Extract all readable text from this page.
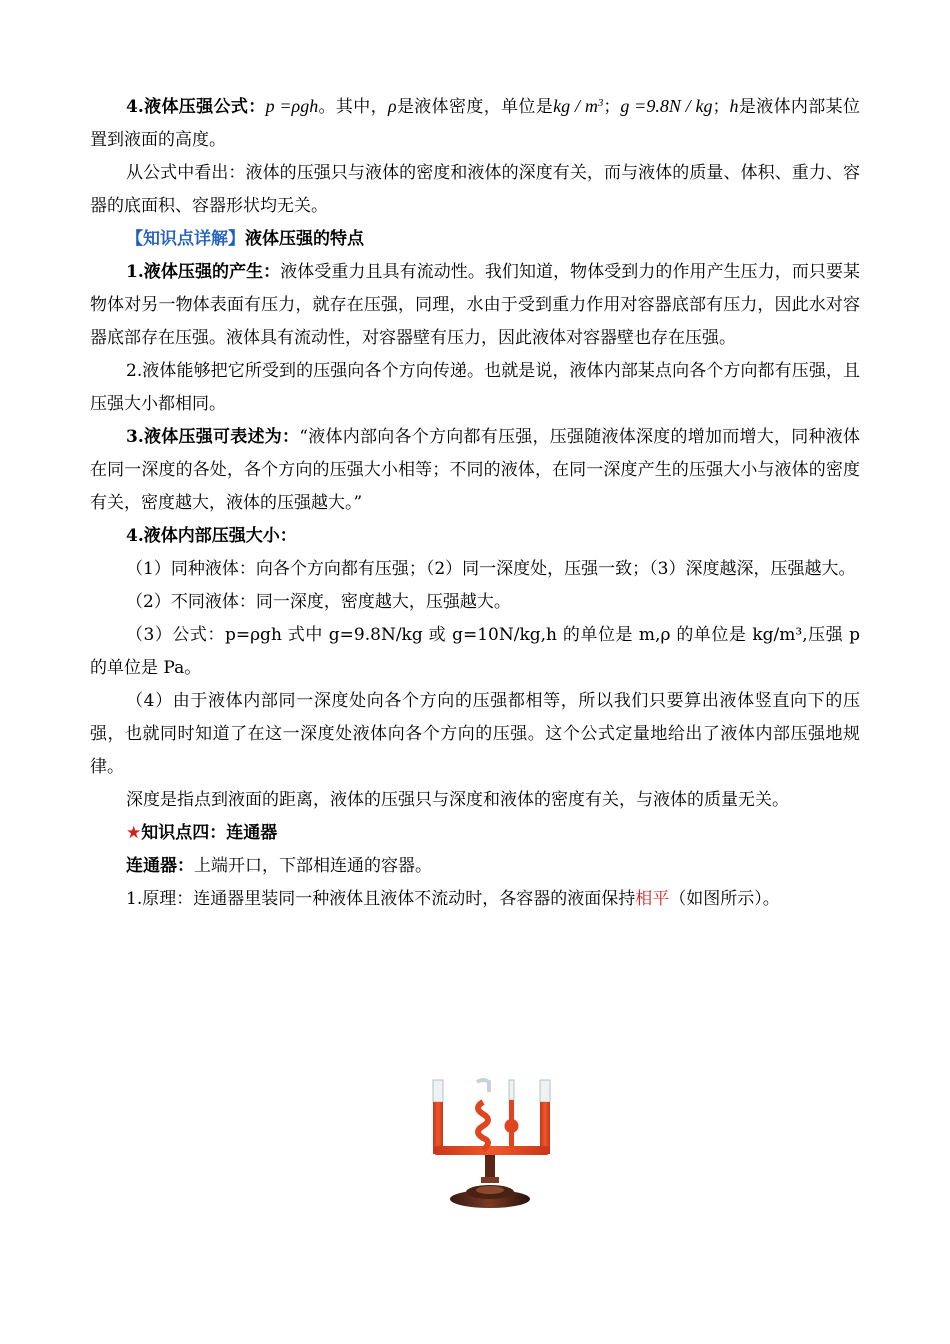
4.液体压强公式：p =ρgh。其中，ρ是液体密度，单位是kg / $m^3$；g =9.8N / kg；h是液体内部某位置到液面的高度。

从公式中看出：液体的压强只与液体的密度和液体的深度有关，而与液体的质量、体积、重力、容器的底面积、容器形状均无关。

【知识点详解】液体压强的特点

1.液体压强的产生：液体受重力且具有流动性。我们知道，物体受到力的作用产生压力，而只要某物体对另一物体表面有压力，就存在压强，同理，水由于受到重力作用对容器底部有压力，因此水对容器底部存在压强。液体具有流动性，对容器壁有压力，因此液体对容器壁也存在压强。

2.液体能够把它所受到的压强向各个方向传递。也就是说，液体内部某点向各个方向都有压强，且压强大小都相同。

3.液体压强可表述为：“液体内部向各个方向都有压强，压强随液体深度的增加而增大，同种液体在同一深度的各处，各个方向的压强大小相等；不同的液体，在同一深度产生的压强大小与液体的密度有关，密度越大，液体的压强越大。”

4.液体内部压强大小：

（1）同种液体：向各个方向都有压强；（2）同一深度处，压强一致；（3）深度越深，压强越大。

（2）不同液体：同一深度，密度越大，压强越大。

（3）公式：p=ρgh 式中 g=9.8N/kg 或 g=10N/kg,h 的单位是 m,ρ 的单位是 kg/m³,压强 p 的单位是 Pa。

（4）由于液体内部同一深度处向各个方向的压强都相等，所以我们只要算出液体竖直向下的压强，也就同时知道了在这一深度处液体向各个方向的压强。这个公式定量地给出了液体内部压强地规律。

深度是指点到液面的距离，液体的压强只与深度和液体的密度有关，与液体的质量无关。

★知识点四：连通器

连通器：上端开口，下部相连通的容器。

1.原理：连通器里装同一种液体且液体不流动时，各容器的液面保持相平（如图所示）。
